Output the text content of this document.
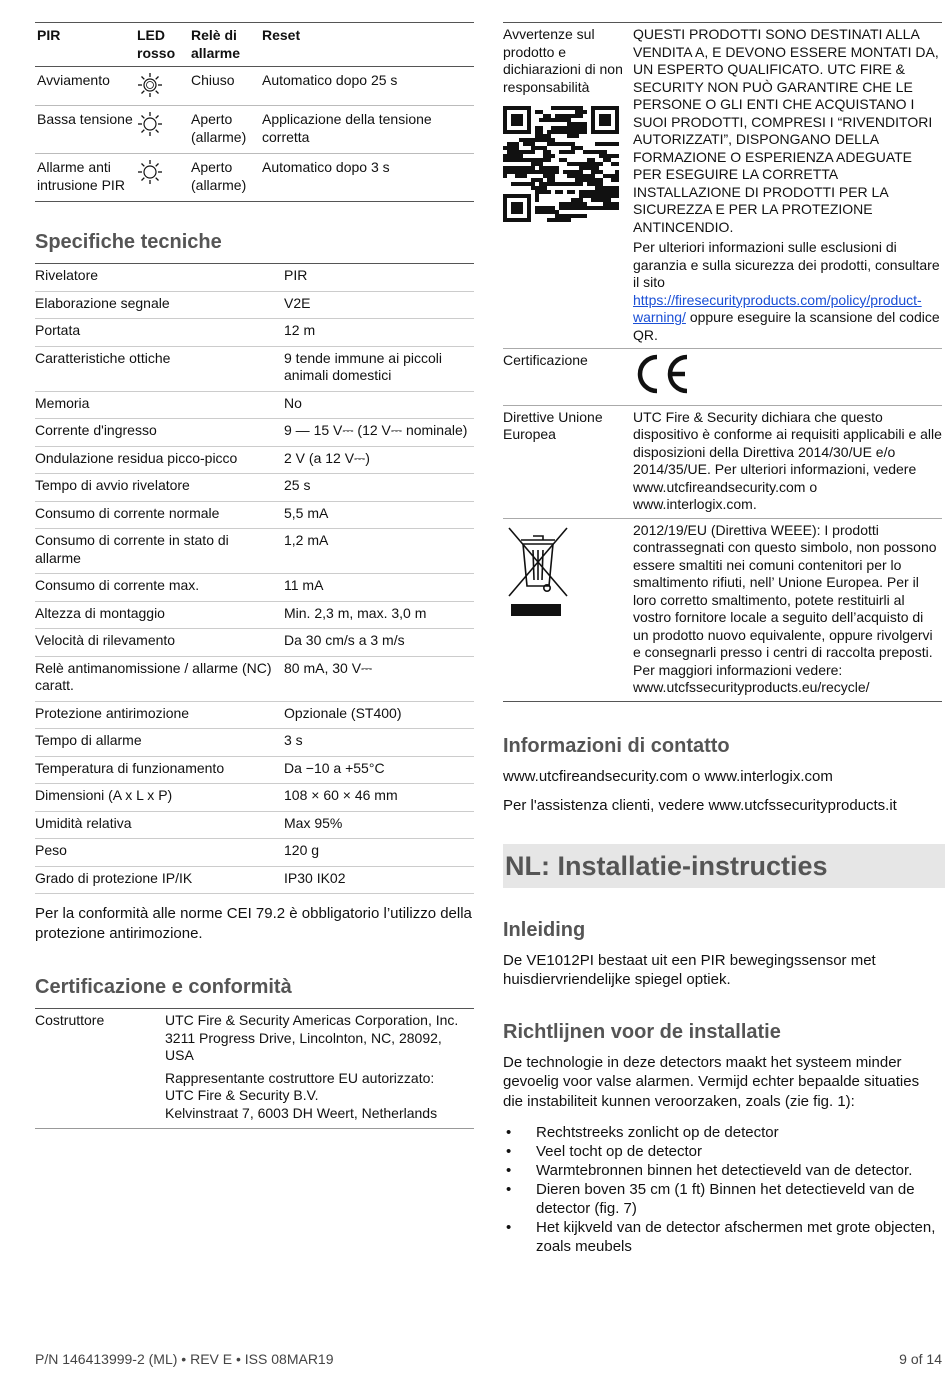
PIR	LED rosso	Relè di allarme	Reset
Avviamento		Chiuso	Automatico dopo 25 s
Bassa tensione		Aperto (allarme)	Applicazione della tensione corretta
Allarme anti intrusione PIR		Aperto (allarme)	Automatico dopo 3 s
Specifiche tecniche
Rivelatore	PIR
Elaborazione segnale	V2E
Portata	12 m
Caratteristiche ottiche	9 tende immune ai piccoli animali domestici
Memoria	No
Corrente d'ingresso	9 — 15 V⎓ (12 V⎓ nominale)
Ondulazione residua picco-picco	2 V (a 12 V⎓)
Tempo di avvio rivelatore	25 s
Consumo di corrente normale	5,5 mA
Consumo di corrente in stato di allarme	1,2 mA
Consumo di corrente max.	11 mA
Altezza di montaggio	Min. 2,3 m, max. 3,0 m
Velocità di rilevamento	Da 30 cm/s a 3 m/s
Relè antimanomissione / allarme (NC) caratt.	80 mA, 30 V⎓
Protezione antirimozione	Opzionale (ST400)
Tempo di allarme	3 s
Temperatura di funzionamento	Da −10 a +55°C
Dimensioni (A x L x P)	108 × 60 × 46 mm
Umidità relativa	Max 95%
Peso	120 g
Grado di protezione IP/IK	IP30 IK02

Per la conformità alle norme CEI 79.2 è obbligatorio l’utilizzo della protezione antirimozione.

Certificazione e conformità
Costruttore	UTC Fire & Security Americas Corporation, Inc.
3211 Progress Drive, Lincolnton, NC, 28092, USA
Rappresentante costruttore EU autorizzato:
UTC Fire & Security B.V.
Kelvinstraat 7, 6003 DH Weert, Netherlands
Avvertenze sul prodotto e dichiarazioni di non responsabilità	QUESTI PRODOTTI SONO DESTINATI ALLA VENDITA A, E DEVONO ESSERE MONTATI DA, UN ESPERTO QUALIFICATO. UTC FIRE & SECURITY NON PUÒ GARANTIRE CHE LE PERSONE O GLI ENTI CHE ACQUISTANO I SUOI PRODOTTI, COMPRESI I “RIVENDITORI AUTORIZZATI”, DISPONGANO DELLA FORMAZIONE O ESPERIENZA ADEGUATE PER ESEGUIRE LA CORRETTA INSTALLAZIONE DI PRODOTTI PER LA SICUREZZA E PER LA PROTEZIONE ANTINCENDIO.
Per ulteriori informazioni sulle esclusioni di garanzia e sulla sicurezza dei prodotti, consultare il sito https://firesecurityproducts.com/policy/product-warning/ oppure eseguire la scansione del codice QR.

Certificazione	
Direttive Unione Europea	UTC Fire & Security dichiara che questo dispositivo è conforme ai requisiti applicabili e alle disposizioni della Direttiva 2014/30/UE e/o 2014/35/UE. Per ulteriori informazioni, vedere www.utcfireandsecurity.com o www.interlogix.com.
	2012/19/EU (Direttiva WEEE): I prodotti contrassegnati con questo simbolo, non possono essere smaltiti nei comuni contenitori per lo smaltimento rifiuti, nell’ Unione Europea. Per il loro corretto smaltimento, potete restituirli al vostro fornitore locale a seguito dell’acquisto di un prodotto nuovo equivalente, oppure rivolgervi e consegnarli presso i centri di raccolta preposti. Per maggiori informazioni vedere: www.utcfssecurityproducts.eu/recycle/
Informazioni di contatto

www.utcfireandsecurity.com o www.interlogix.com

Per l'assistenza clienti, vedere www.utcfssecurityproducts.it

NL: Installatie-instructies
Inleiding

De VE1012PI bestaat uit een PIR bewegingssensor met huisdiervriendelijke spiegel optiek.

Richtlijnen voor de installatie

De technologie in deze detectors maakt het systeem minder gevoelig voor valse alarmen. Vermijd echter bepaalde situaties die instabiliteit kunnen veroorzaken, zoals (zie fig. 1):

• Rechtstreeks zonlicht op de detector
• Veel tocht op de detector
• Warmtebronnen binnen het detectieveld van de detector.
• Dieren boven 35 cm (1 ft) Binnen het detectieveld van de detector (fig. 7)
• Het kijkveld van de detector afschermen met grote objecten, zoals meubels
P/N 146413999-2 (ML) • REV E • ISS 08MAR19	9 of 14
